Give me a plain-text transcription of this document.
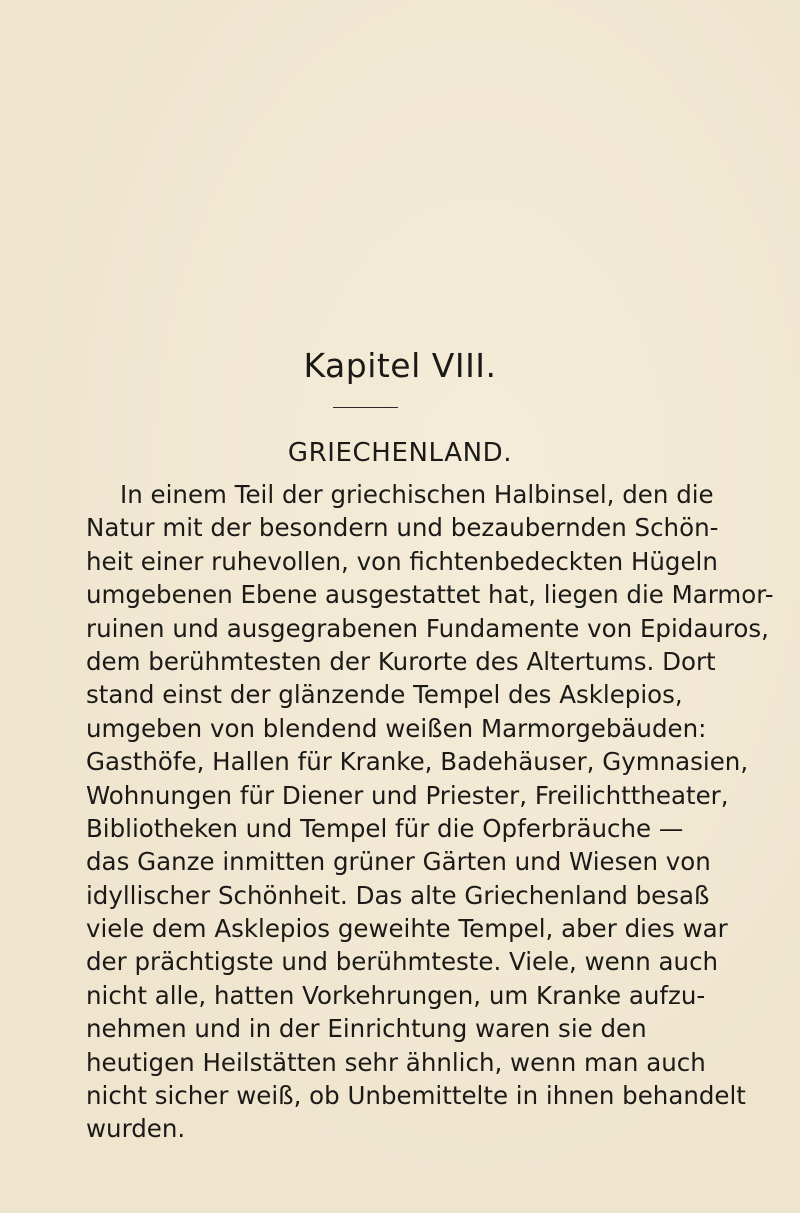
Kapitel VIII.
GRIECHENLAND.
In einem Teil der griechischen Halbinsel, den die
Natur mit der besondern und bezaubernden Schön-
heit einer ruhevollen, von fichtenbedeckten Hügeln
umgebenen Ebene ausgestattet hat, liegen die Marmor-
ruinen und ausgegrabenen Fundamente von Epidauros,
dem berühmtesten der Kurorte des Altertums. Dort
stand einst der glänzende Tempel des Asklepios,
umgeben von blendend weißen Marmorgebäuden:
Gasthöfe, Hallen für Kranke, Badehäuser, Gymnasien,
Wohnungen für Diener und Priester, Freilichttheater,
Bibliotheken und Tempel für die Opferbräuche —
das Ganze inmitten grüner Gärten und Wiesen von
idyllischer Schönheit. Das alte Griechenland besaß
viele dem Asklepios geweihte Tempel, aber dies war
der prächtigste und berühmteste. Viele, wenn auch
nicht alle, hatten Vorkehrungen, um Kranke aufzu-
nehmen und in der Einrichtung waren sie den
heutigen Heilstätten sehr ähnlich, wenn man auch
nicht sicher weiß, ob Unbemittelte in ihnen behandelt
wurden.
